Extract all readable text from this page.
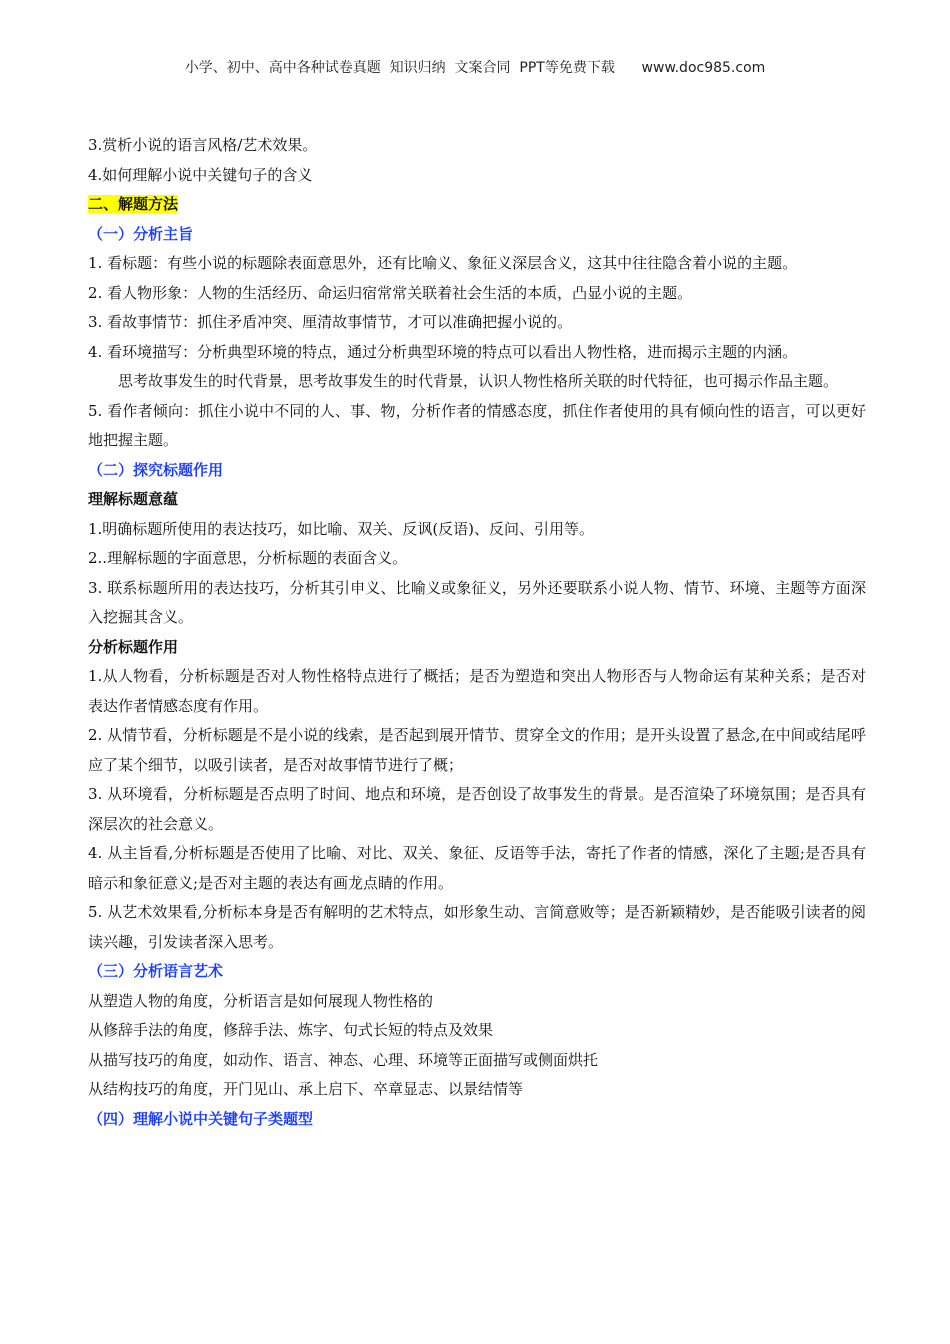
小学、初中、高中各种试卷真题  知识归纳  文案合同  PPT等免费下载      www.doc985.com

3.赏析小说的语言风格/艺术效果。

4.如何理解小说中关键句子的含义

二、解题方法

（一）分析主旨

1. 看标题：有些小说的标题除表面意思外，还有比喻义、象征义深层含义，这其中往往隐含着小说的主题。

2. 看人物形象：人物的生活经历、命运归宿常常关联着社会生活的本质，凸显小说的主题。

3. 看故事情节：抓住矛盾冲突、厘清故事情节，才可以准确把握小说的。

4. 看环境描写：分析典型环境的特点，通过分析典型环境的特点可以看出人物性格，进而揭示主题的内涵。

思考故事发生的时代背景，思考故事发生的时代背景，认识人物性格所关联的时代特征，也可揭示作品主题。

5. 看作者倾向：抓住小说中不同的人、事、物，分析作者的情感态度，抓住作者使用的具有倾向性的语言，可以更好地把握主题。

（二）探究标题作用

理解标题意蕴

1.明确标题所使用的表达技巧，如比喻、双关、反讽(反语)、反问、引用等。

2..理解标题的字面意思，分析标题的表面含义。

3. 联系标题所用的表达技巧，分析其引申义、比喻义或象征义，另外还要联系小说人物、情节、环境、主题等方面深入挖掘其含义。

分析标题作用

1.从人物看，分析标题是否对人物性格特点进行了概括；是否为塑造和突出人物形否与人物命运有某种关系；是否对表达作者情感态度有作用。

2. 从情节看，分析标题是不是小说的线索，是否起到展开情节、贯穿全文的作用；是开头设置了悬念,在中间或结尾呼应了某个细节，以吸引读者，是否对故事情节进行了概；

3. 从环境看，分析标题是否点明了时间、地点和环境，是否创设了故事发生的背景。是否渲染了环境氛围；是否具有深层次的社会意义。

4. 从主旨看,分析标题是否使用了比喻、对比、双关、象征、反语等手法，寄托了作者的情感，深化了主题;是否具有暗示和象征意义;是否对主题的表达有画龙点睛的作用。

5. 从艺术效果看,分析标本身是否有解明的艺术特点，如形象生动、言简意败等；是否新颖精妙，是否能吸引读者的阅读兴趣，引发读者深入思考。

（三）分析语言艺术

从塑造人物的角度，分析语言是如何展现人物性格的

从修辞手法的角度，修辞手法、炼字、句式长短的特点及效果

从描写技巧的角度，如动作、语言、神态、心理、环境等正面描写或侧面烘托

从结构技巧的角度，开门见山、承上启下、卒章显志、以景结情等

（四）理解小说中关键句子类题型
